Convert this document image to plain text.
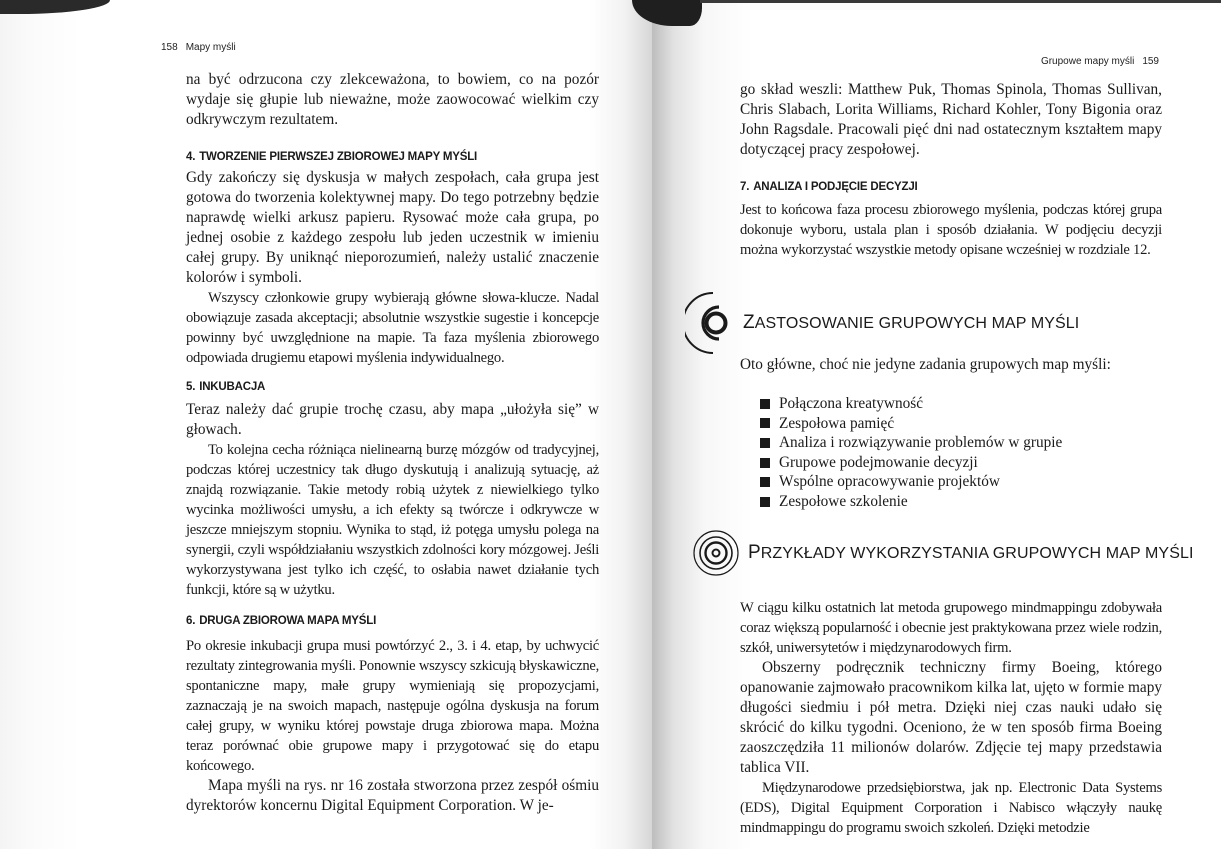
158 Mapy myśli

na być odrzucona czy zlekceważona, to bowiem, co na pozór wydaje się głupie lub nieważne, może zaowocować wielkim czy odkrywczym rezultatem.

4. TWORZENIE PIERWSZEJ ZBIOROWEJ MAPY MYŚLI

Gdy zakończy się dyskusja w małych zespołach, cała grupa jest gotowa do tworzenia kolektywnej mapy. Do tego potrzebny będzie naprawdę wielki arkusz papieru. Rysować może cała grupa, po jednej osobie z każdego zespołu lub jeden uczestnik w imieniu całej grupy. By uniknąć nieporozumień, należy ustalić znaczenie kolorów i symboli.

Wszyscy członkowie grupy wybierają główne słowa-klucze. Nadal obowiązuje zasada akceptacji; absolutnie wszystkie sugestie i koncepcje powinny być uwzględnione na mapie. Ta faza myślenia zbiorowego odpowiada drugiemu etapowi myślenia indywidualnego.

5. INKUBACJA

Teraz należy dać grupie trochę czasu, aby mapa „ułożyła się” w głowach.

To kolejna cecha różniąca nielinearną burzę mózgów od tradycyjnej, podczas której uczestnicy tak długo dyskutują i analizują sytuację, aż znajdą rozwiązanie. Takie metody robią użytek z niewielkiego tylko wycinka możliwości umysłu, a ich efekty są twórcze i odkrywcze w jeszcze mniejszym stopniu. Wynika to stąd, iż potęga umysłu polega na synergii, czyli współdziałaniu wszystkich zdolności kory mózgowej. Jeśli wykorzystywana jest tylko ich część, to osłabia nawet działanie tych funkcji, które są w użytku.

6. DRUGA ZBIOROWA MAPA MYŚLI

Po okresie inkubacji grupa musi powtórzyć 2., 3. i 4. etap, by uchwycić rezultaty zintegrowania myśli. Ponownie wszyscy szkicują błyskawiczne, spontaniczne mapy, małe grupy wymieniają się propozycjami, zaznaczają je na swoich mapach, następuje ogólna dyskusja na forum całej grupy, w wyniku której powstaje druga zbiorowa mapa. Można teraz porównać obie grupowe mapy i przygotować się do etapu końcowego.

Mapa myśli na rys. nr 16 została stworzona przez zespół ośmiu dyrektorów koncernu Digital Equipment Corporation. W je-

Grupowe mapy myśli 159

go skład weszli: Matthew Puk, Thomas Spinola, Thomas Sullivan, Chris Slabach, Lorita Williams, Richard Kohler, Tony Bigonia oraz John Ragsdale. Pracowali pięć dni nad ostatecznym kształtem mapy dotyczącej pracy zespołowej.

7. ANALIZA I PODJĘCIE DECYZJI

Jest to końcowa faza procesu zbiorowego myślenia, podczas której grupa dokonuje wyboru, ustala plan i sposób działania. W podjęciu decyzji można wykorzystać wszystkie metody opisane wcześniej w rozdziale 12.

ZASTOSOWANIE GRUPOWYCH MAP MYŚLI

Oto główne, choć nie jedyne zadania grupowych map myśli:

Połączona kreatywność
Zespołowa pamięć
Analiza i rozwiązywanie problemów w grupie
Grupowe podejmowanie decyzji
Wspólne opracowywanie projektów
Zespołowe szkolenie
PRZYKŁADY WYKORZYSTANIA GRUPOWYCH MAP MYŚLI

W ciągu kilku ostatnich lat metoda grupowego mindmappingu zdobywała coraz większą popularność i obecnie jest praktykowana przez wiele rodzin, szkół, uniwersytetów i międzynarodowych firm.

Obszerny podręcznik techniczny firmy Boeing, którego opanowanie zajmowało pracownikom kilka lat, ujęto w formie mapy długości siedmiu i pół metra. Dzięki niej czas nauki udało się skrócić do kilku tygodni. Oceniono, że w ten sposób firma Boeing zaoszczędziła 11 milionów dolarów. Zdjęcie tej mapy przedstawia tablica VII.

Międzynarodowe przedsiębiorstwa, jak np. Electronic Data Systems (EDS), Digital Equipment Corporation i Nabisco włączyły naukę mindmappingu do programu swoich szkoleń. Dzięki metodzie
